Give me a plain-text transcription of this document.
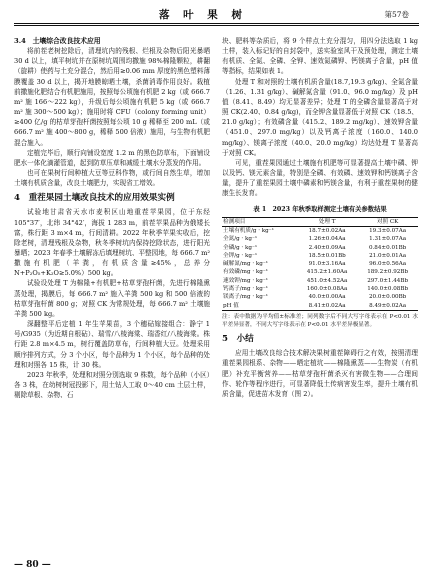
落 叶 果 树	第57卷
3.4　土壤综合改良技术应用

将前茬老树挖除后，清理坑内的残根、烂根及杂物后阳光暴晒 30 d 以上，填平树坑并在原树坑周围均撒施 98%棉隆颗粒，耕翻（旋耕）使药与土充分混合，然后用≥0.06 mm 厚度的黑色塑料薄膜覆盖 30 d 以上，揭开地膜晾晒土壤，杀菌消毒作用良好。栽植前撒施化肥结合有机肥施用，按照每公顷施有机肥 2 kg（或 666.7 m² 施 166～222 kg），升级后每公顷施有机肥 5 kg（或 666.7 m² 施 300～500 kg）；施用时将 CFU（colony forming unit）≥400 亿/g 的枯草芽孢杆菌按照每公顷 10 g 稀释至 200 mL（或 666.7 m² 施 400～800 g，稀释 500 倍液）施用，与生物有机肥混合施入。

定植完毕后，顺行向铺设宽度 1.2 m 的黑色防草布，下面铺设肥水一体化滴灌管道，起到防草压草和减缓土壤水分蒸发的作用。

也可在果树行间种植大豆等豆科作物，或行间自然生草，增加土壤有机质含量，改良土壤肥力，实现省工增效。

4　重茬果园土壤改良技术的应用效果实例

试验地甘肃省天水市麦积区山地重茬苹果园，位于东经 105°37′，北纬 34°42′，海拔 1 283 m，前茬苹果品种为俄矮长富，株行距 3 m×4 m，行间清耕。2022 年秋季苹果实收后，挖除老树，清理残根及杂物，秋冬季树坑内保持挖除状态，进行阳光暴晒；2023 年春季土壤解冻后填埋树坑、平整园地，每 666.7 m² 撒施有机肥（羊粪，有机质含量≥45%，总养分 N+P₂O₅+K₂O≥5.0%）500 kg。

试验设处理 T 为棉隆+有机肥+枯草芽孢杆菌，先进行棉隆熏蒸处理，揭膜后，每 666.7 m² 施入羊粪 500 kg 和 500 倍液的枯草芽孢杆菌 800 g；对照 CK 为常规处理，每 666.7 m² 土壤施羊粪 500 kg。

深翻整平后定植 1 年生苹果苗，3 个穗砧嫁接组合：静宁 1 号/G935（为近期自根砧）、瑞雪/八棱海棠、瑞香红/八棱海棠。株行距 2.8 m×4.5 m，树行覆盖防草布，行间种植大豆。处理采用顺序排列方式，分 3 个小区，每个品种为 1 个小区，每个品种的处理和对照各 15 株，计 30 株。

2023 年秋季，处理和对照分别选取 9 株数，每个品种（小区）各 3 株，在幼树树冠投影下，用土钻人工取 0～40 cm 土层土样，剔除草根、杂物、石

块、肥料等杂质后，将 9 个样点土充分混匀，用四分法选取 1 kg 土样，装入标记好的自封袋中，送实验室风干及预处理，测定土壤有机质、全氮、全磷、全钾、速效氮磷钾、钙镁离子含量，pH 值等指标，结果如表 1。

处理 T 和对照的土壤有机质含量(18.7,19.3 g/kg)、全氮含量（1.26、1.31 g/kg）、碱解氮含量（91.0、96.0 mg/kg）及 pH 值（8.41、8.49）均无显著差异；处理 T 的全磷含量显著高于对照 CK(2.40、0.84 g/kg)，而全钾含量显著低于对照 CK（18.5、21.0 g/kg）；有效磷含量（415.2、189.2 mg/kg）、速效钾含量（451.0、297.0 mg/kg）以及钙离子浓度（160.0、140.0 mg/kg）、镁离子浓度（40.0、20.0 mg/kg）均达处理 T 显著高于对照 CK。

可见，重茬果园通过土壤施有机肥等可显著提高土壤中磷、钾以及钙、镁元素含量，特别是全磷、有效磷、速效钾和钙镁离子含量，提升了重茬果园土壤中磷素和钙镁含量，有利于重茬果树的健康生长发育。

表 1　2023 年秋季取样测定土壤有关参数结果
检测项目	处理 T	对照 CK
土壤有机质/g · kg⁻¹	18.7±0.02Aa	19.3±0.07Aa
全氮/g · kg⁻¹	1.26±0.04Aa	1.31±0.07Aa
全磷/g · kg⁻¹	2.40±0.09Aa	0.84±0.01Bb
全钾/g · kg⁻¹	18.5±0.01Bb	21.0±0.01Aa
碱解氮/mg · kg⁻¹	91.0±3.16Aa	96.0±0.56Aa
有效磷/mg · kg⁻¹	415.2±1.60Aa	189.2±0.92Bb
速效钾/mg · kg⁻¹	451.0±4.52Aa	297.0±1.44Bb
钙离子/mg · kg⁻¹	160.0±0.08Aa	140.0±0.08Bb
镁离子/mg · kg⁻¹	40.0±0.00Aa	20.0±0.00Bb
pH 值	8.41±0.02Aa	8.49±0.02Aa
注：表中数据为平均值±标准差；同列数字后不同大写字母表示在 P<0.01 水平差异显著，不同大写字母表示在 P<0.01 水平差异极显著。
5　小结

应用土壤改良综合技术解决果树重茬障碍行之有效，按照清理重茬果园根系、杂物——晒定植坑——棉隆熏蒸——生物炭（有机肥）补充平衡营养——枯草芽孢杆菌杀灭有害微生物——合理间作、轮作等程序进行，可显著降低土传病害发生率，提升土壤有机质含量，促进苗木发育（图 2）。

— 80 —
